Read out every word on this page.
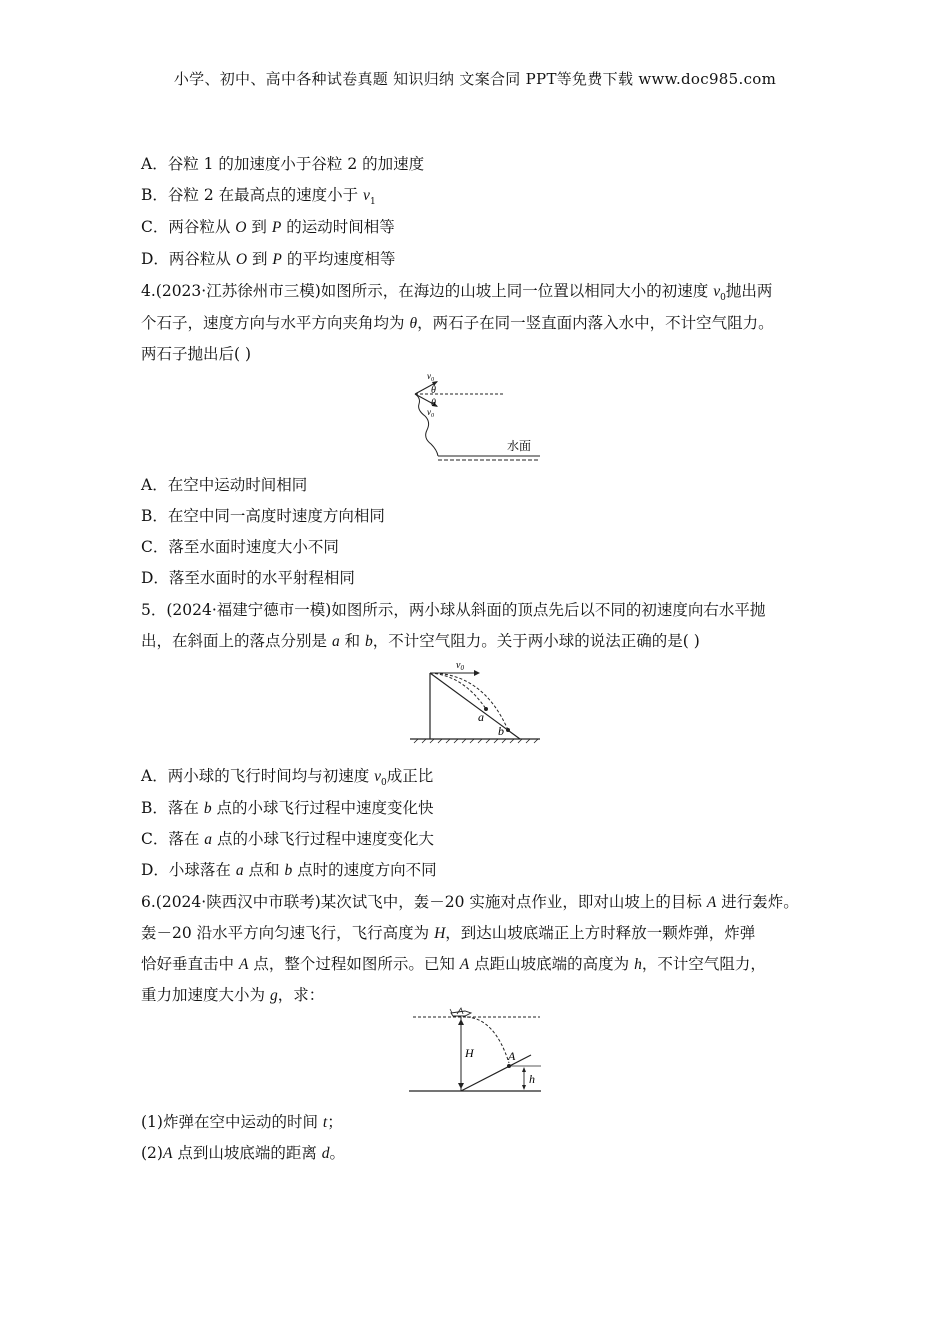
小学、初中、高中各种试卷真题 知识归纳 文案合同 PPT等免费下载 www.doc985.com
A．谷粒 1 的加速度小于谷粒 2 的加速度
B．谷粒 2 在最高点的速度小于 $v_1$
C．两谷粒从 O 到 P 的运动时间相等
D．两谷粒从 O 到 P 的平均速度相等
4.(2023·江苏徐州市三模)如图所示，在海边的山坡上同一位置以相同大小的初速度 $v_0$抛出两
个石子，速度方向与水平方向夹角均为 θ，两石子在同一竖直面内落入水中，不计空气阻力。
两石子抛出后( )
$v_0$
θ
θ
$v_0$
水面
A．在空中运动时间相同
B．在空中同一高度时速度方向相同
C．落至水面时速度大小不同
D．落至水面时的水平射程相同
5．(2024·福建宁德市一模)如图所示，两小球从斜面的顶点先后以不同的初速度向右水平抛
出，在斜面上的落点分别是 a 和 b，不计空气阻力。关于两小球的说法正确的是( )
$v_0$
a
b
A．两小球的飞行时间均与初速度 $v_0$成正比
B．落在 b 点的小球飞行过程中速度变化快
C．落在 a 点的小球飞行过程中速度变化大
D．小球落在 a 点和 b 点时的速度方向不同
6.(2024·陕西汉中市联考)某次试飞中，轰－20 实施对点作业，即对山坡上的目标 A 进行轰炸。
轰－20 沿水平方向匀速飞行，飞行高度为 H，到达山坡底端正上方时释放一颗炸弹，炸弹
恰好垂直击中 A 点，整个过程如图所示。已知 A 点距山坡底端的高度为 h，不计空气阻力，
重力加速度大小为 g，求：
H	A
h
(1)炸弹在空中运动的时间 t；
(2)A 点到山坡底端的距离 d。
